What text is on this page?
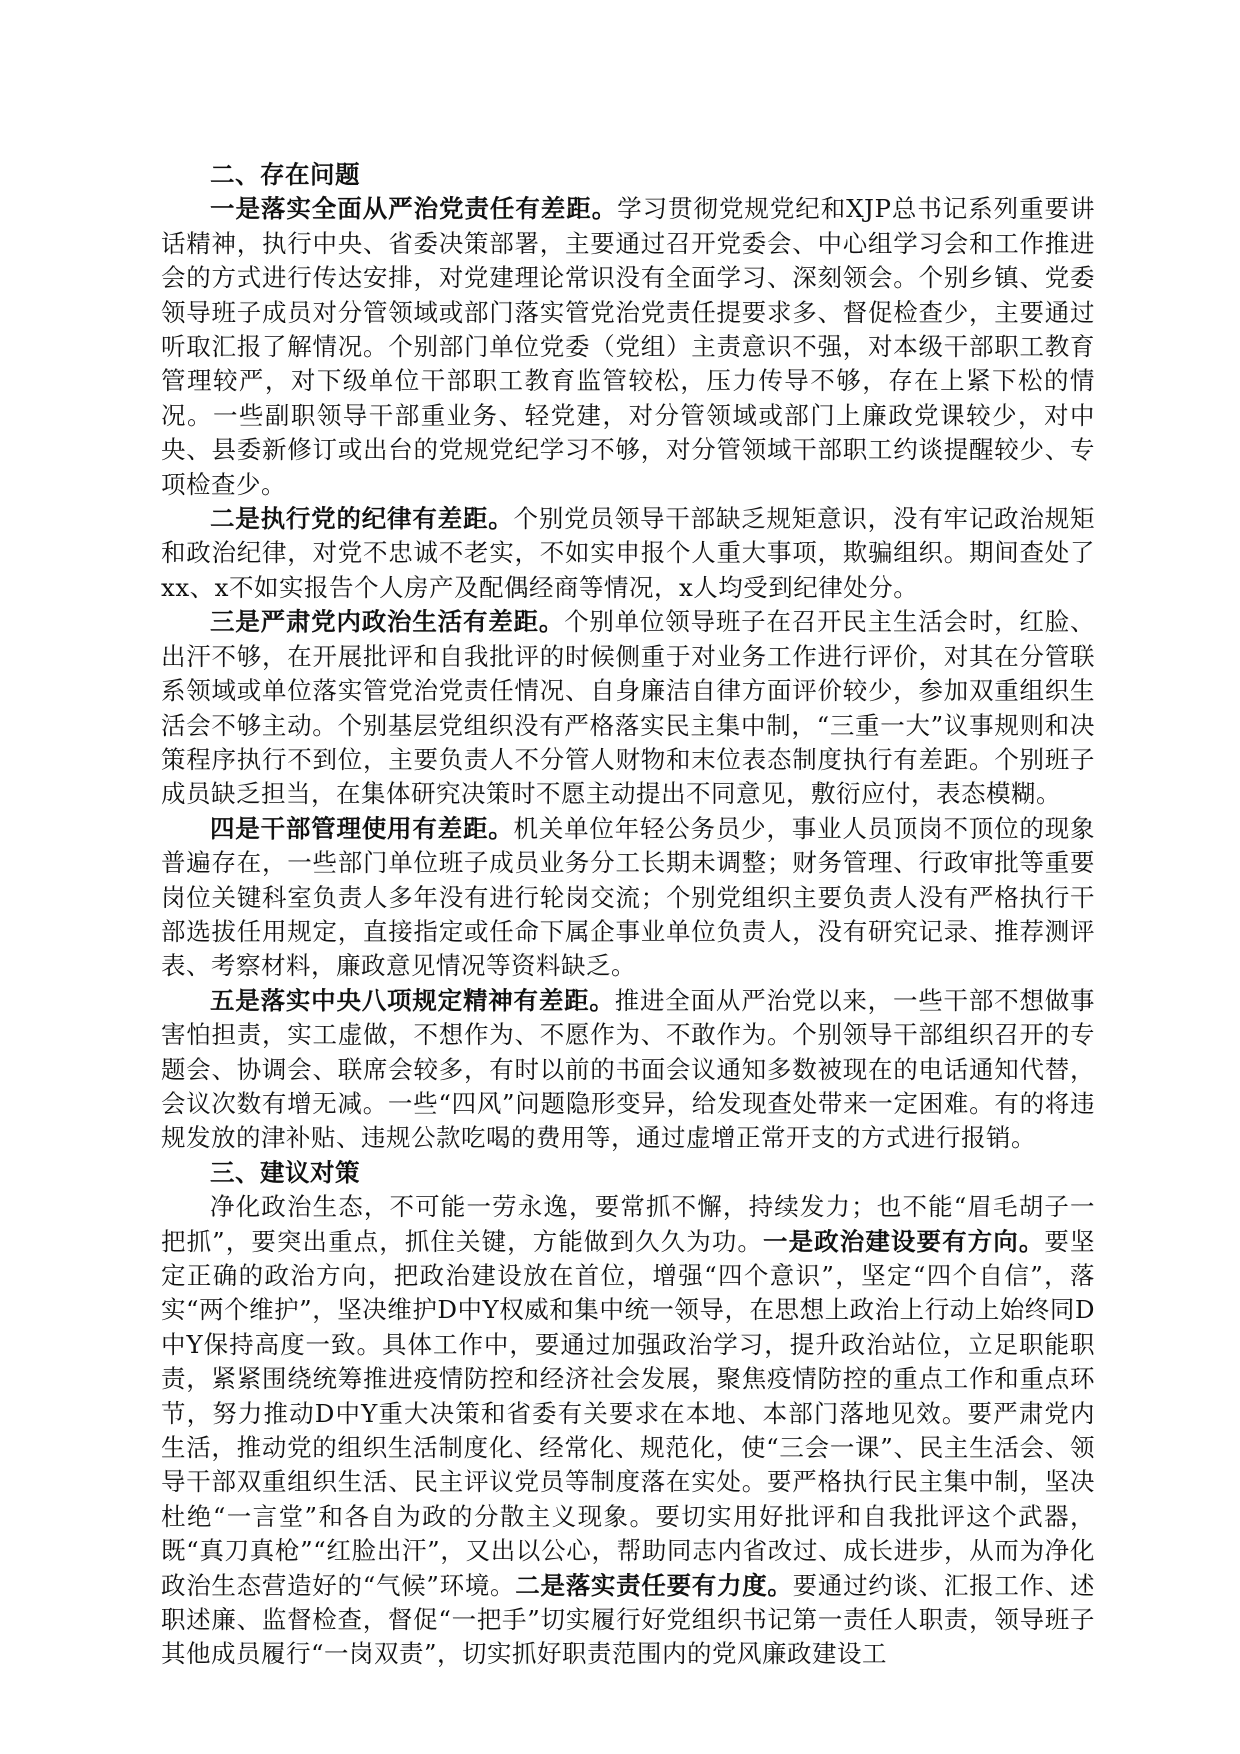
二、存在问题

一是落实全面从严治党责任有差距。学习贯彻党规党纪和XJP总书记系列重要讲话精神，执行中央、省委决策部署，主要通过召开党委会、中心组学习会和工作推进会的方式进行传达安排，对党建理论常识没有全面学习、深刻领会。个别乡镇、党委领导班子成员对分管领域或部门落实管党治党责任提要求多、督促检查少，主要通过听取汇报了解情况。个别部门单位党委（党组）主责意识不强，对本级干部职工教育管理较严，对下级单位干部职工教育监管较松，压力传导不够，存在上紧下松的情况。一些副职领导干部重业务、轻党建，对分管领域或部门上廉政党课较少，对中央、县委新修订或出台的党规党纪学习不够，对分管领域干部职工约谈提醒较少、专项检查少。

二是执行党的纪律有差距。个别党员领导干部缺乏规矩意识，没有牢记政治规矩和政治纪律，对党不忠诚不老实，不如实申报个人重大事项，欺骗组织。期间查处了xx、x不如实报告个人房产及配偶经商等情况，x人均受到纪律处分。

三是严肃党内政治生活有差距。个别单位领导班子在召开民主生活会时，红脸、出汗不够，在开展批评和自我批评的时候侧重于对业务工作进行评价，对其在分管联系领域或单位落实管党治党责任情况、自身廉洁自律方面评价较少，参加双重组织生活会不够主动。个别基层党组织没有严格落实民主集中制，“三重一大”议事规则和决策程序执行不到位，主要负责人不分管人财物和末位表态制度执行有差距。个别班子成员缺乏担当，在集体研究决策时不愿主动提出不同意见，敷衍应付，表态模糊。

四是干部管理使用有差距。机关单位年轻公务员少，事业人员顶岗不顶位的现象普遍存在，一些部门单位班子成员业务分工长期未调整；财务管理、行政审批等重要岗位关键科室负责人多年没有进行轮岗交流；个别党组织主要负责人没有严格执行干部选拔任用规定，直接指定或任命下属企事业单位负责人，没有研究记录、推荐测评表、考察材料，廉政意见情况等资料缺乏。

五是落实中央八项规定精神有差距。推进全面从严治党以来，一些干部不想做事害怕担责，实工虚做，不想作为、不愿作为、不敢作为。个别领导干部组织召开的专题会、协调会、联席会较多，有时以前的书面会议通知多数被现在的电话通知代替，会议次数有增无减。一些“四风”问题隐形变异，给发现查处带来一定困难。有的将违规发放的津补贴、违规公款吃喝的费用等，通过虚增正常开支的方式进行报销。

三、建议对策

净化政治生态，不可能一劳永逸，要常抓不懈，持续发力；也不能“眉毛胡子一把抓”，要突出重点，抓住关键，方能做到久久为功。一是政治建设要有方向。要坚定正确的政治方向，把政治建设放在首位，增强“四个意识”，坚定“四个自信”，落实“两个维护”，坚决维护D中Y权威和集中统一领导，在思想上政治上行动上始终同D中Y保持高度一致。具体工作中，要通过加强政治学习，提升政治站位，立足职能职责，紧紧围绕统筹推进疫情防控和经济社会发展，聚焦疫情防控的重点工作和重点环节，努力推动D中Y重大决策和省委有关要求在本地、本部门落地见效。要严肃党内生活，推动党的组织生活制度化、经常化、规范化，使“三会一课”、民主生活会、领导干部双重组织生活、民主评议党员等制度落在实处。要严格执行民主集中制，坚决杜绝“一言堂”和各自为政的分散主义现象。要切实用好批评和自我批评这个武器，既“真刀真枪”“红脸出汗”，又出以公心，帮助同志内省改过、成长进步，从而为净化政治生态营造好的“气候”环境。二是落实责任要有力度。要通过约谈、汇报工作、述职述廉、监督检查，督促“一把手”切实履行好党组织书记第一责任人职责，领导班子其他成员履行“一岗双责”，切实抓好职责范围内的党风廉政建设工
